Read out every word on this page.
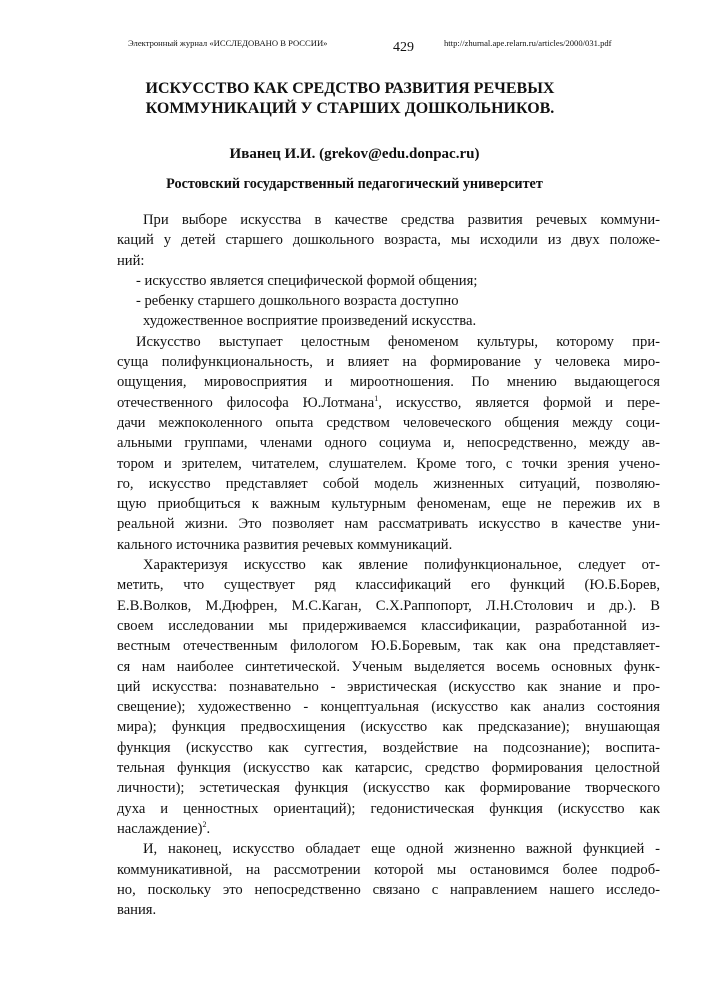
Электронный журнал «ИССЛЕДОВАНО В РОССИИ»	429	http://zhurnal.ape.relarn.ru/articles/2000/031.pdf
ИСКУССТВО КАК СРЕДСТВО РАЗВИТИЯ РЕЧЕВЫХ
КОММУНИКАЦИЙ У СТАРШИХ ДОШКОЛЬНИКОВ.
Иванец И.И. (grekov@edu.donpac.ru)
Ростовский государственный педагогический университет
При выборе искусства в качестве средства развития речевых коммуни-
каций у детей старшего дошкольного возраста, мы исходили из двух положе-
ний:
- искусство является специфической формой общения;
- ребенку старшего дошкольного возраста доступно
художественное восприятие произведений искусства.
Искусство выступает целостным феноменом культуры, которому при-
суща полифункциональность, и влияет на формирование у человека миро-
ощущения, мировосприятия и мироотношения. По мнению выдающегося
отечественного философа Ю.Лотмана$^1$, искусство, является формой и пере-
дачи межпоколенного опыта средством человеческого общения между соци-
альными группами, членами одного социума и, непосредственно, между ав-
тором и зрителем, читателем, слушателем. Кроме того, с точки зрения учено-
го, искусство представляет собой модель жизненных ситуаций, позволяю-
щую приобщиться к важным культурным феноменам, еще не пережив их в
реальной жизни. Это позволяет нам рассматривать искусство в качестве уни-
кального источника развития речевых коммуникаций.
Характеризуя искусство как явление полифункциональное, следует от-
метить, что существует ряд классификаций его функций (Ю.Б.Борев,
Е.В.Волков, М.Дюфрен, М.С.Каган, С.Х.Раппопорт, Л.Н.Столович и др.). В
своем исследовании мы придерживаемся классификации, разработанной из-
вестным отечественным филологом Ю.Б.Боревым, так как она представляет-
ся нам наиболее синтетической. Ученым выделяется восемь основных функ-
ций искусства: познавательно - эвристическая (искусство как знание и про-
свещение); художественно - концептуальная (искусство как анализ состояния
мира); функция предвосхищения (искусство как предсказание); внушающая
функция (искусство как суггестия, воздействие на подсознание); воспита-
тельная функция (искусство как катарсис, средство формирования целостной
личности); эстетическая функция (искусство как формирование творческого
духа и ценностных ориентаций); гедонистическая функция (искусство как
наслаждение)$^2$.
И, наконец, искусство обладает еще одной жизненно важной функцией -
коммуникативной, на рассмотрении которой мы остановимся более подроб-
но, поскольку это непосредственно связано с направлением нашего исследо-
вания.
